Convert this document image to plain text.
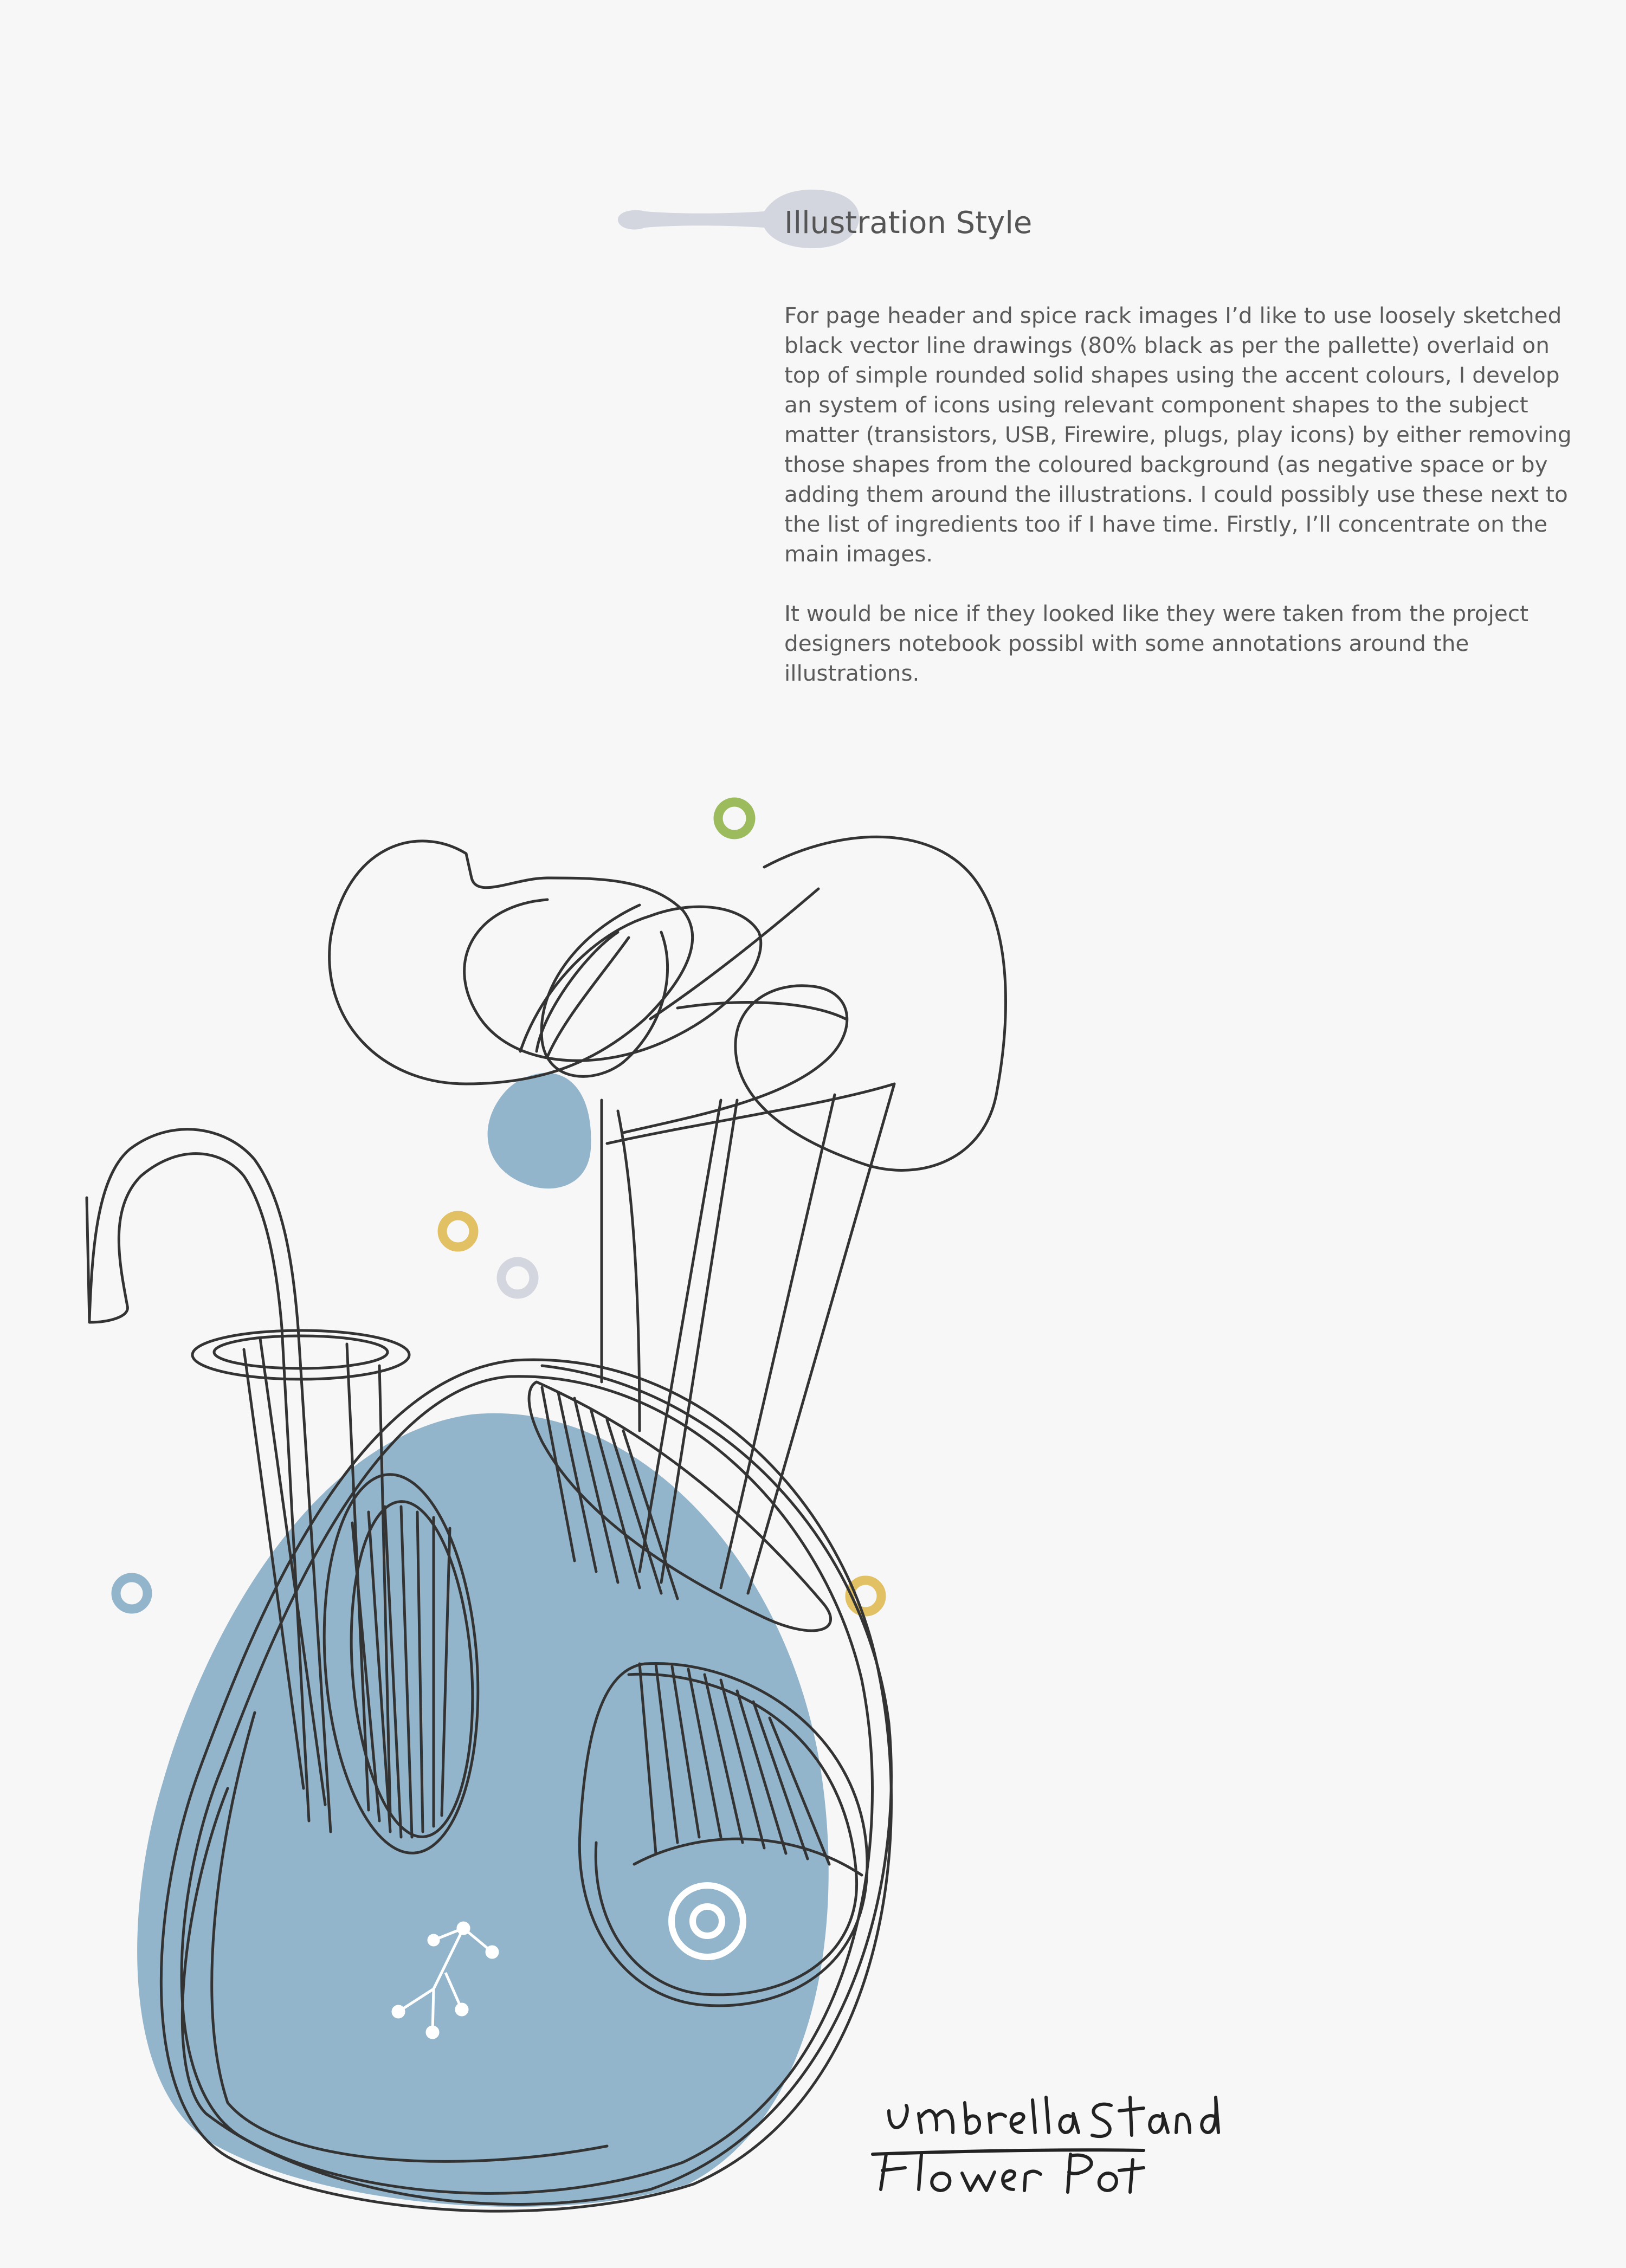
Illustration Style

For page header and spice rack images I’d like to use loosely sketched black vector line drawings (80% black as per the pallette) overlaid on top of simple rounded solid shapes using the accent colours, I develop an system of icons using relevant component shapes to the subject matter (transistors, USB, Firewire, plugs, play icons) by either removing those shapes from the coloured background (as negative space or by adding them around the illustrations. I could possibly use these next to the list of ingredients too if I have time. Firstly, I’ll concentrate on the main images.

It would be nice if they looked like they were taken from the project designers notebook possibl with some annotations around the illustrations.
